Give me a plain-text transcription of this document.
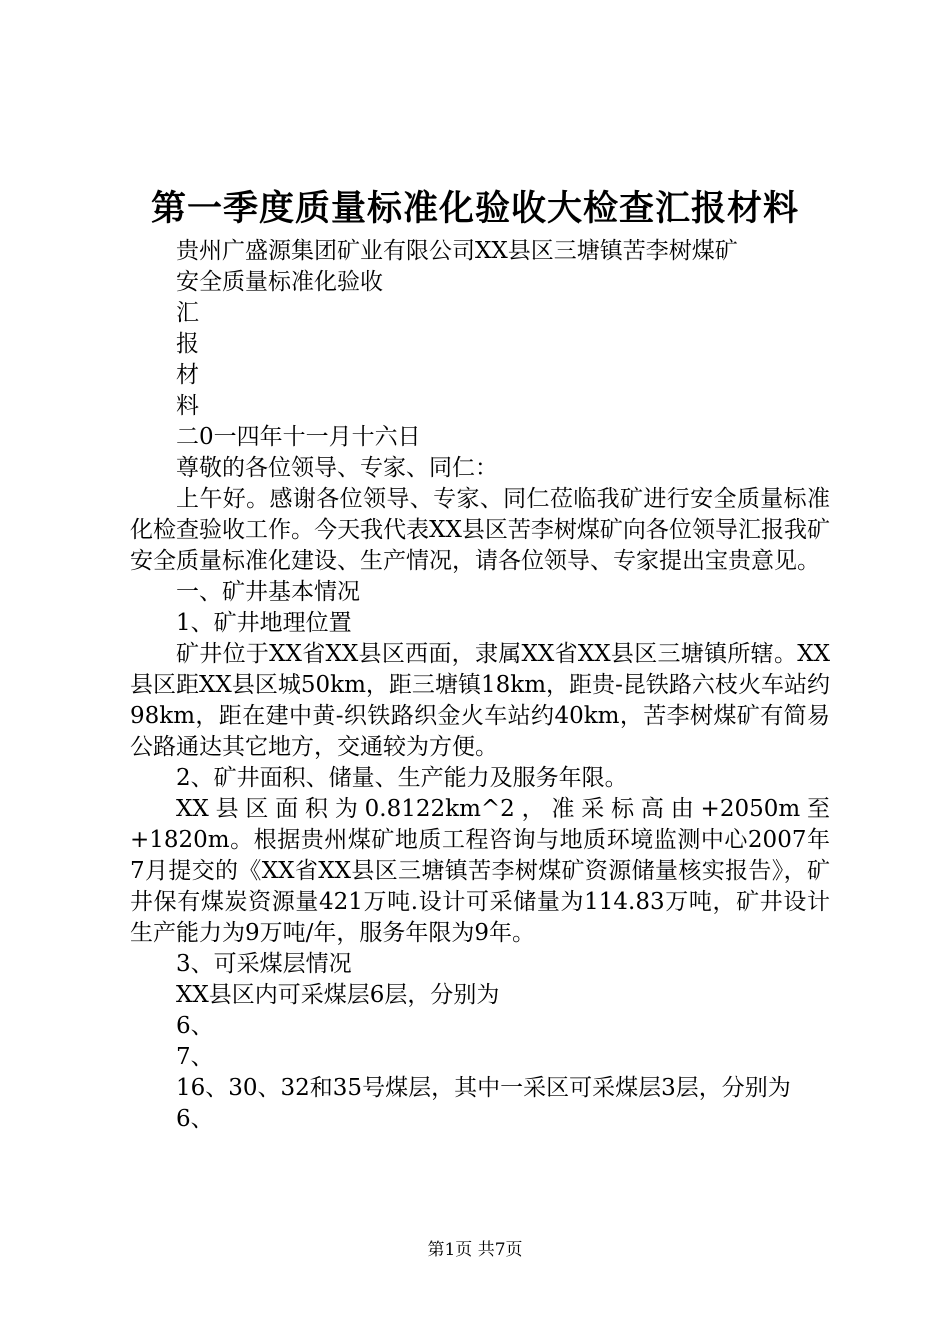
第一季度质量标准化验收大检查汇报材料

贵州广盛源集团矿业有限公司XX县区三塘镇苦李树煤矿

安全质量标准化验收

汇

报

材

料

二0一四年十一月十六日

尊敬的各位领导、专家、同仁：

上午好。感谢各位领导、专家、同仁莅临我矿进行安全质量标准化检查验收工作。今天我代表XX县区苦李树煤矿向各位领导汇报我矿安全质量标准化建设、生产情况，请各位领导、专家提出宝贵意见。

一、矿井基本情况

1、矿井地理位置

矿井位于XX省XX县区西面，隶属XX省XX县区三塘镇所辖。XX县区距XX县区城50km，距三塘镇18km，距贵-昆铁路六枝火车站约98km，距在建中黄-织铁路织金火车站约40km，苦李树煤矿有简易公路通达其它地方，交通较为方便。

2、矿井面积、储量、生产能力及服务年限。

XX县区面积为0.8122km^2，准采标高由+2050m至+1820m。根据贵州煤矿地质工程咨询与地质环境监测中心2007年7月提交的《XX省XX县区三塘镇苦李树煤矿资源储量核实报告》，矿井保有煤炭资源量421万吨.设计可采储量为114.83万吨，矿井设计生产能力为9万吨/年，服务年限为9年。

3、可采煤层情况

XX县区内可采煤层6层，分别为

6、

7、

16、30、32和35号煤层，其中一采区可采煤层3层，分别为

6、

第1页 共7页
